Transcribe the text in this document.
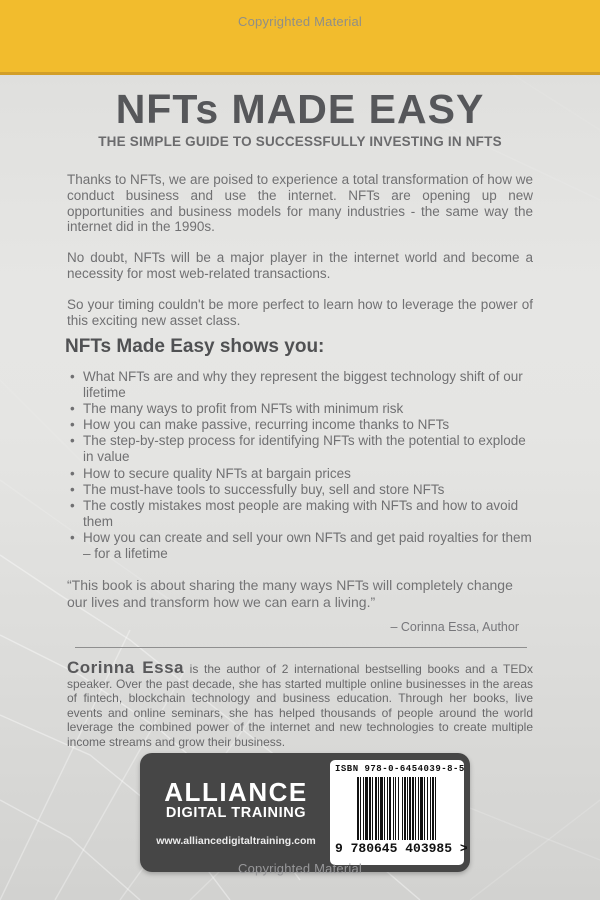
Copyrighted Material
NFTs MADE EASY
THE SIMPLE GUIDE TO SUCCESSFULLY INVESTING IN NFTS

Thanks to NFTs, we are poised to experience a total transformation of how we conduct business and use the internet. NFTs are opening up new opportunities and business models for many industries - the same way the internet did in the 1990s.

No doubt, NFTs will be a major player in the internet world and become a necessity for most web-related transactions.

So your timing couldn't be more perfect to learn how to leverage the power of this exciting new asset class.

NFTs Made Easy shows you:
• What NFTs are and why they represent the biggest technology shift of our lifetime
• The many ways to profit from NFTs with minimum risk
• How you can make passive, recurring income thanks to NFTs
• The step-by-step process for identifying NFTs with the potential to explode in value
• How to secure quality NFTs at bargain prices
• The must-have tools to successfully buy, sell and store NFTs
• The costly mistakes most people are making with NFTs and how to avoid them
• How you can create and sell your own NFTs and get paid royalties for them – for a lifetime
“This book is about sharing the many ways NFTs will completely change our lives and transform how we can earn a living.”
– Corinna Essa, Author
Corinna Essa is the author of 2 international bestselling books and a TEDx speaker. Over the past decade, she has started multiple online businesses in the areas of fintech, blockchain technology and business education. Through her books, live events and online seminars, she has helped thousands of people around the world leverage the combined power of the internet and new technologies to create multiple income streams and grow their business.
ALLIANCE
DIGITAL TRAINING
www.alliancedigitaltraining.com
ISBN 978-0-6454039-8-5
9 780645 403985 >
Copyrighted Material
